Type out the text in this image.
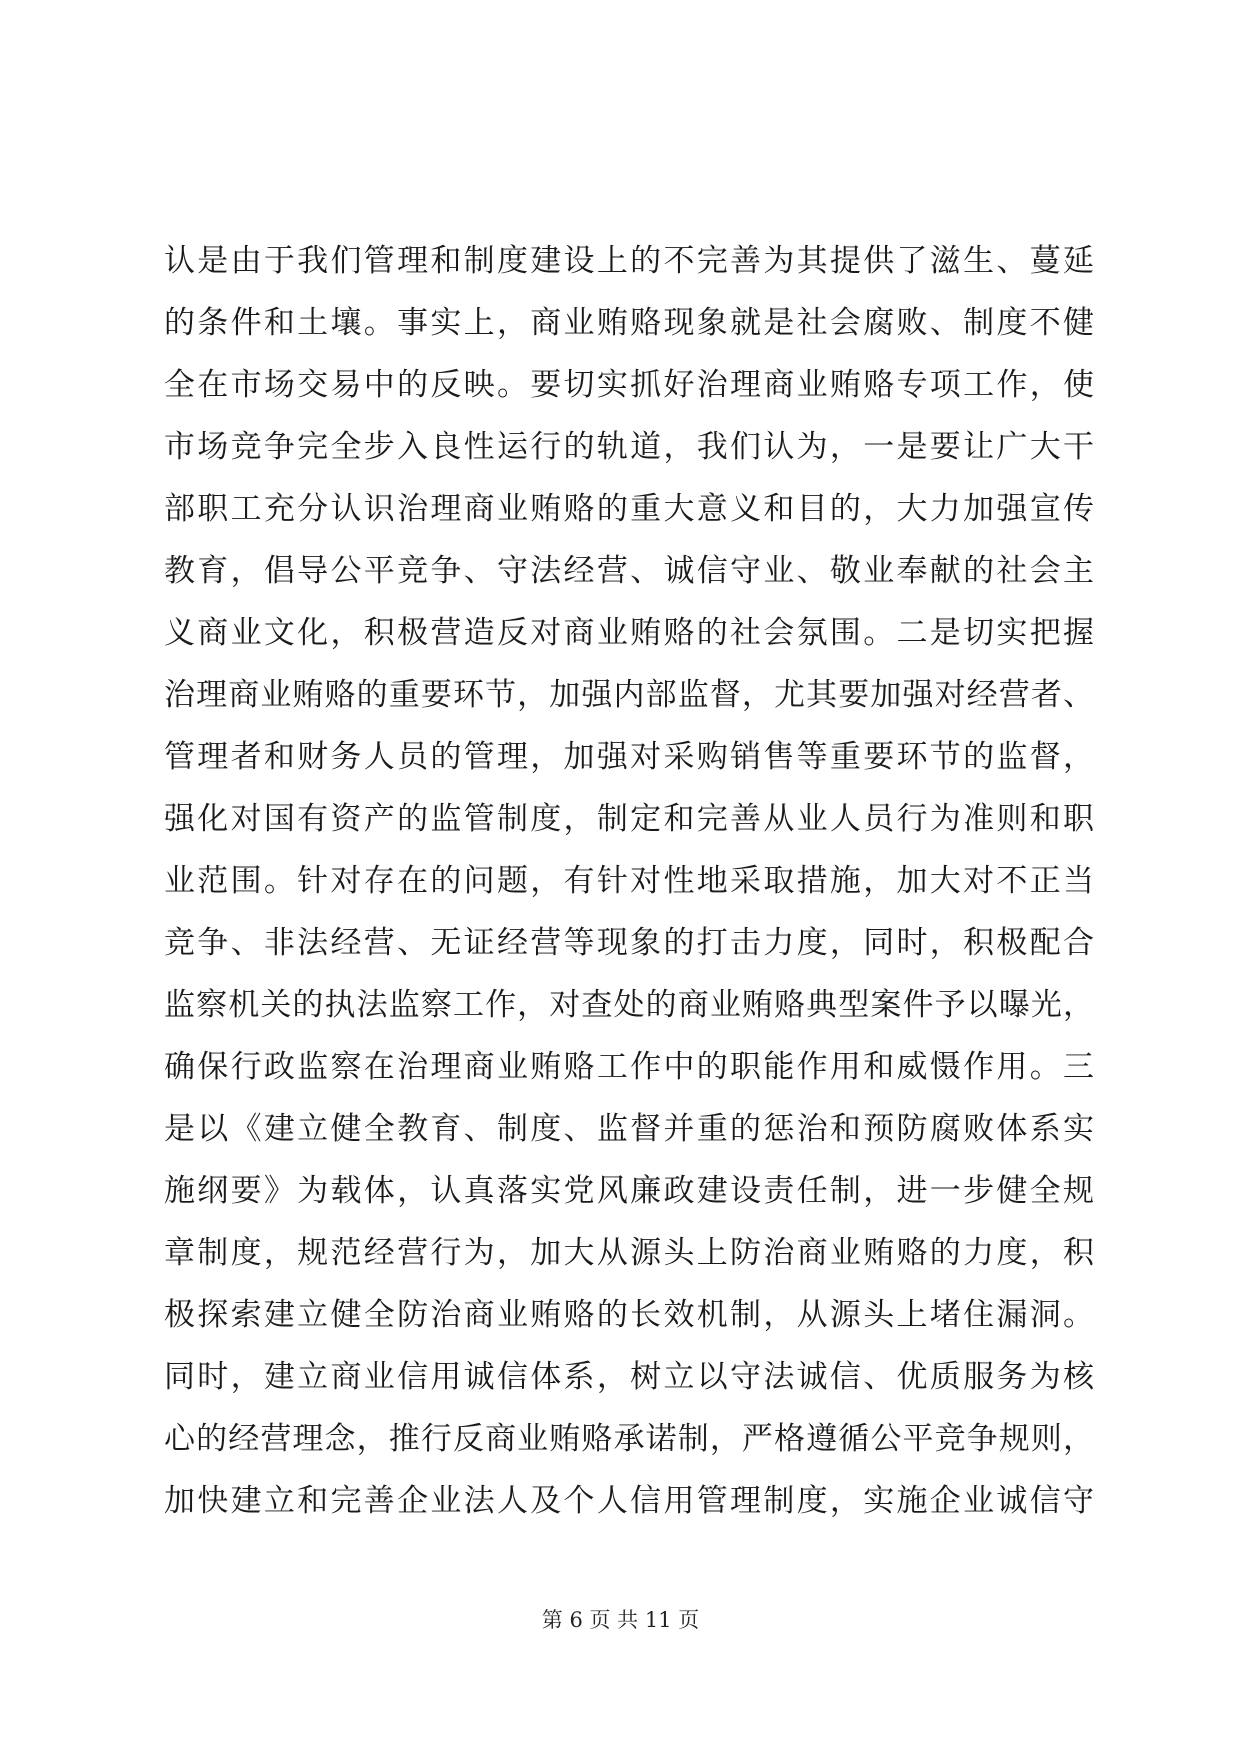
认是由于我们管理和制度建设上的不完善为其提供了滋生、蔓延
的条件和土壤。事实上，商业贿赂现象就是社会腐败、制度不健
全在市场交易中的反映。要切实抓好治理商业贿赂专项工作，使
市场竞争完全步入良性运行的轨道，我们认为，一是要让广大干
部职工充分认识治理商业贿赂的重大意义和目的，大力加强宣传
教育，倡导公平竞争、守法经营、诚信守业、敬业奉献的社会主
义商业文化，积极营造反对商业贿赂的社会氛围。二是切实把握
治理商业贿赂的重要环节，加强内部监督，尤其要加强对经营者、
管理者和财务人员的管理，加强对采购销售等重要环节的监督，
强化对国有资产的监管制度，制定和完善从业人员行为准则和职
业范围。针对存在的问题，有针对性地采取措施，加大对不正当
竞争、非法经营、无证经营等现象的打击力度，同时，积极配合
监察机关的执法监察工作，对查处的商业贿赂典型案件予以曝光，
确保行政监察在治理商业贿赂工作中的职能作用和威慑作用。三
是以《建立健全教育、制度、监督并重的惩治和预防腐败体系实
施纲要》为载体，认真落实党风廉政建设责任制，进一步健全规
章制度，规范经营行为，加大从源头上防治商业贿赂的力度，积
极探索建立健全防治商业贿赂的长效机制，从源头上堵住漏洞。
同时，建立商业信用诚信体系，树立以守法诚信、优质服务为核
心的经营理念，推行反商业贿赂承诺制，严格遵循公平竞争规则，
加快建立和完善企业法人及个人信用管理制度，实施企业诚信守
第 6 页 共 11 页
